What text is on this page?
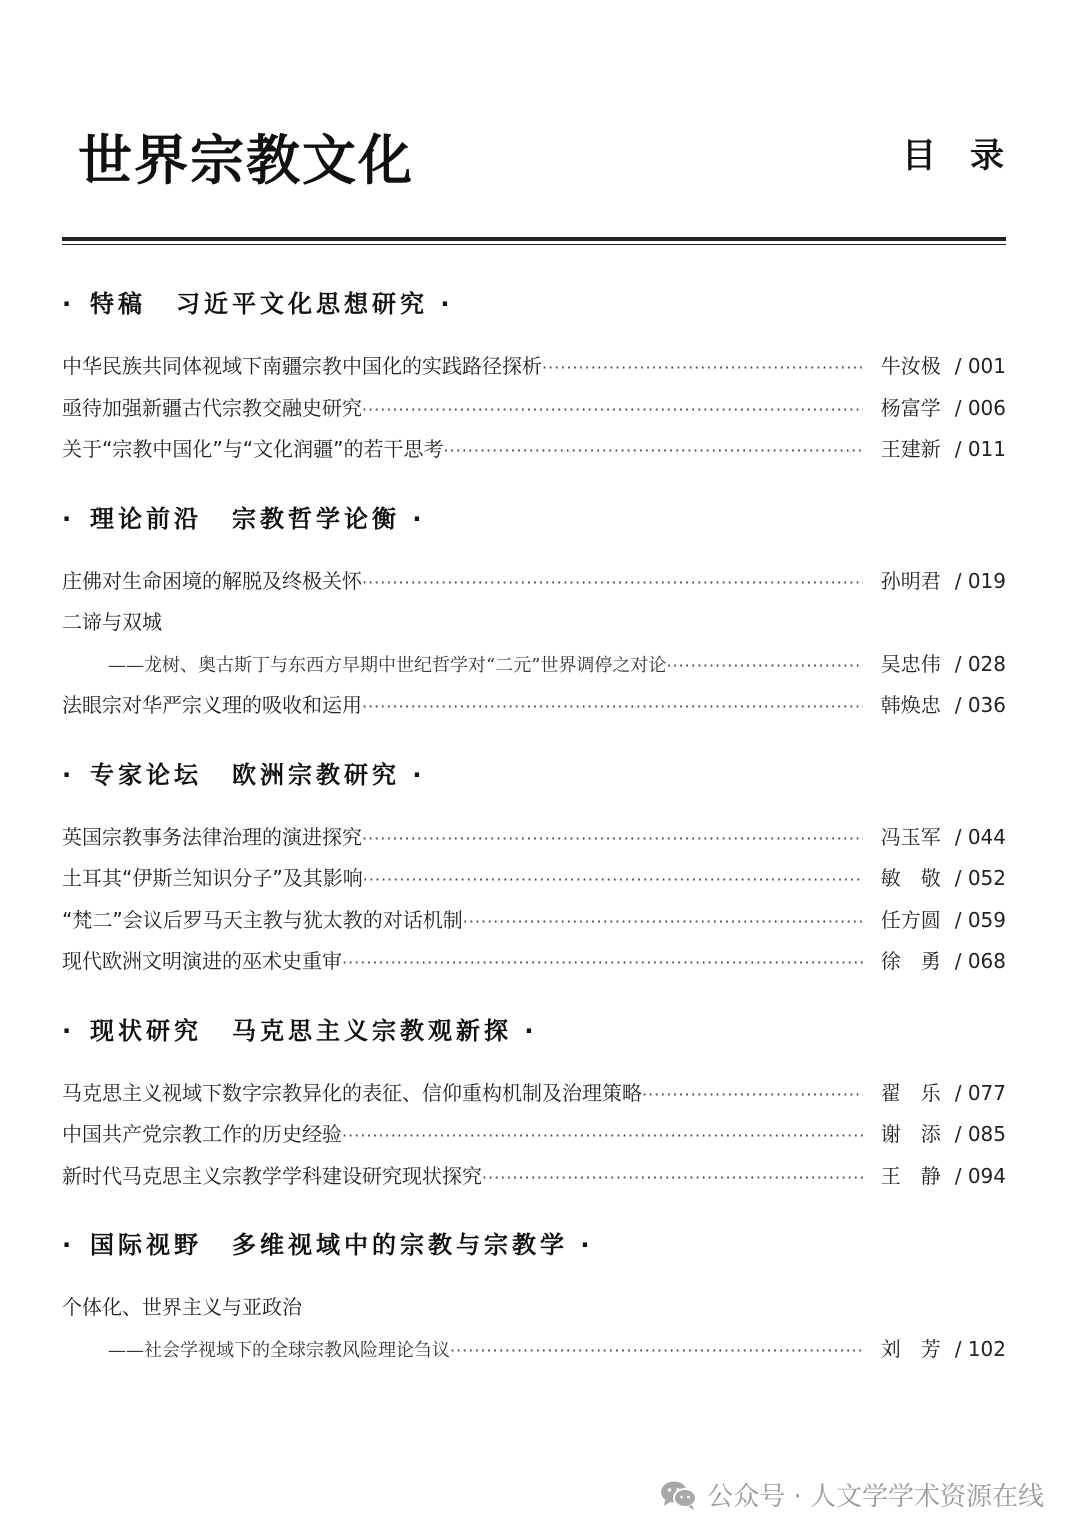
世界宗教文化	目录
· 特稿 习近平文化思想研究 ·
中华民族共同体视域下南疆宗教中国化的实践路径探析 ·····	牛汝极 / 001
亟待加强新疆古代宗教交融史研究 ·····	杨富学 / 006
关于“宗教中国化”与“文化润疆”的若干思考 ·····	王建新 / 011
· 理论前沿 宗教哲学论衡 ·
庄佛对生命困境的解脱及终极关怀 ·····	孙明君 / 019
二谛与双城
——龙树、奥古斯丁与东西方早期中世纪哲学对“二元”世界调停之对论 ·····	吴忠伟 / 028
法眼宗对华严宗义理的吸收和运用 ·····	韩焕忠 / 036
· 专家论坛 欧洲宗教研究 ·
英国宗教事务法律治理的演进探究 ·····	冯玉军 / 044
土耳其“伊斯兰知识分子”及其影响 ·····	敏　敬 / 052
“梵二”会议后罗马天主教与犹太教的对话机制 ·····	任方圆 / 059
现代欧洲文明演进的巫术史重审 ·····	徐　勇 / 068
· 现状研究 马克思主义宗教观新探 ·
马克思主义视域下数字宗教异化的表征、信仰重构机制及治理策略 ·····	翟　乐 / 077
中国共产党宗教工作的历史经验 ·····	谢　添 / 085
新时代马克思主义宗教学学科建设研究现状探究 ·····	王　静 / 094
· 国际视野 多维视域中的宗教与宗教学 ·
个体化、世界主义与亚政治
——社会学视域下的全球宗教风险理论刍议 ·····	刘　芳 / 102
公众号 · 人文学学术资源在线
